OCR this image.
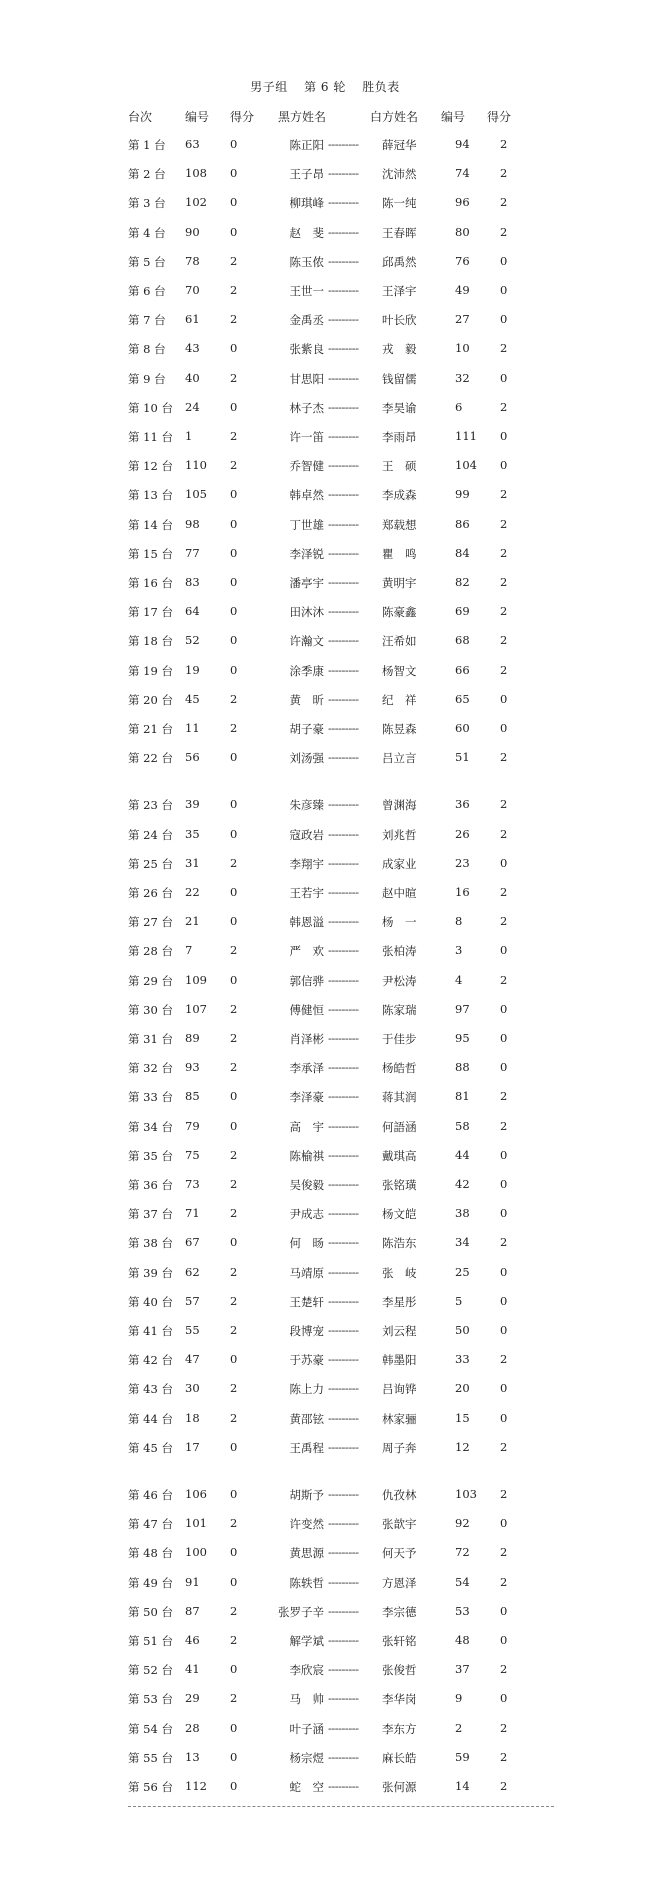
男子组 第 6 轮 胜负表
台次	编号 得分 黑方姓名	白方姓名	编号 得分
第 1 台 63	0	陈正阳 --------- 薛冠华	94	2
第 2 台 108 0	王子昂 --------- 沈沛然	74	2
第 3 台 102 0	柳琪峰 --------- 陈一纯	96	2
第 4 台 90	0	赵　斐 --------- 王春晖	80	2
第 5 台 78	2	陈玉侬 --------- 邱禹然	76	0
第 6 台 70	2	王世一 --------- 王泽宇	49	0
第 7 台 61	2	金禹丞 --------- 叶长欣	27	0
第 8 台 43	0	张紫良 --------- 戎　毅	10	2
第 9 台 40	2	甘思阳 --------- 钱留儒	32	0
第 10 台 24	0	林子杰 --------- 李昊谕	6	2
第 11 台 1	2	许一笛 --------- 李雨昂	111 0
第 12 台 110 2	乔智健 --------- 王　硕	104 0
第 13 台 105 0	韩卓然 --------- 李成森	99	2
第 14 台 98	0	丁世雄 --------- 郑载想	86	2
第 15 台 77	0	李泽锐 --------- 瞿　鸣	84	2
第 16 台 83	0	潘亭宇 --------- 黄明宇	82	2
第 17 台 64	0	田沐沐 --------- 陈豪鑫	69	2
第 18 台 52	0	许瀚文 --------- 汪希如	68	2
第 19 台 19	0	涂季康 --------- 杨智文	66	2
第 20 台 45	2	黄　昕 --------- 纪　祥	65	0
第 21 台 11	2	胡子豪 --------- 陈昱森	60	0
第 22 台 56	0	刘汤强 --------- 吕立言	51	2
第 23 台 39	0	朱彦臻 --------- 曾渊海	36	2
第 24 台 35	0	寇政岩 --------- 刘兆哲	26	2
第 25 台 31	2	李翔宇 --------- 成家业	23	0
第 26 台 22	0	王若宇 --------- 赵中暄	16	2
第 27 台 21	0	韩恩溢 --------- 杨　一	8	2
第 28 台 7	2	严　欢 --------- 张柏涛	3	0
第 29 台 109 0	郭信骅 --------- 尹松涛	4	2
第 30 台 107 2	傅健恒 --------- 陈家瑞	97	0
第 31 台 89	2	肖泽彬 --------- 于佳步	95	0
第 32 台 93	2	李承泽 --------- 杨皓哲	88	0
第 33 台 85	0	李泽豪 --------- 蒋其润	81	2
第 34 台 79	0	高　宇 --------- 何語涵	58	2
第 35 台 75	2	陈榆祺 --------- 戴琪高	44	0
第 36 台 73	2	吴俊毅 --------- 张铭璜	42	0
第 37 台 71	2	尹成志 --------- 杨文皑	38	0
第 38 台 67	0	何　旸 --------- 陈浩东	34	2
第 39 台 62	2	马靖原 --------- 张　岐	25	0
第 40 台 57	2	王楚轩 --------- 李星彤	5	0
第 41 台 55	2	段博宠 --------- 刘云程	50	0
第 42 台 47	0	于苏豪 --------- 韩墨阳	33	2
第 43 台 30	2	陈上力 --------- 吕询铧	20	0
第 44 台 18	2	黄邵铉 --------- 林家骊	15	0
第 45 台 17	0	王禹程 --------- 周子奔	12	2
第 46 台 106 0	胡斯予 --------- 仇孜林	103 2
第 47 台 101 2	许变然 --------- 张歆宇	92	0
第 48 台 100 0	黄思源 --------- 何天予	72	2
第 49 台 91	0	陈轶哲 --------- 方恩泽	54	2
第 50 台 87	2	张罗子辛 --------- 李宗德	53	0
第 51 台 46	2	解学斌 --------- 张轩铭	48	0
第 52 台 41	0	李欣宸 --------- 张俊哲	37	2
第 53 台 29	2	马　帅 --------- 李华岗	9	0
第 54 台 28	0	叶子涵 --------- 李东方	2	2
第 55 台 13	0	杨宗煜 --------- 麻长皓	59	2
第 56 台 112 0	蛇　空 --------- 张何源	14	2
